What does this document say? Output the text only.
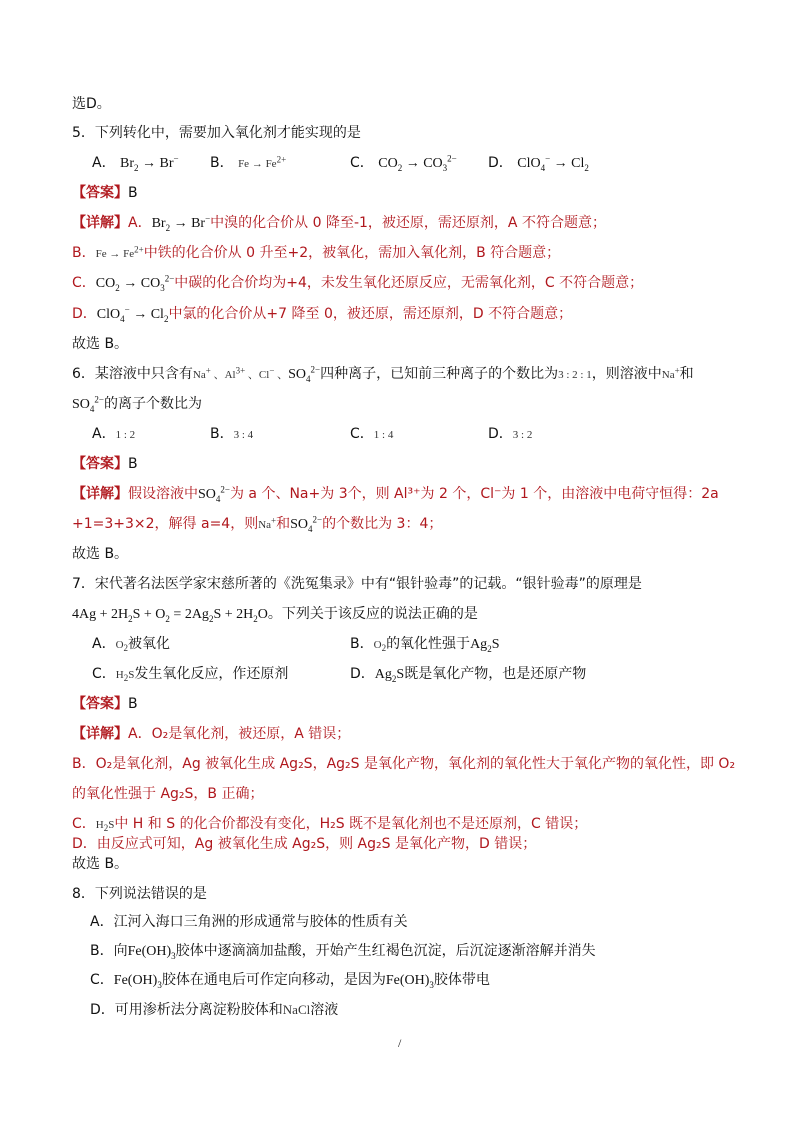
选D。
5．下列转化中，需要加入氧化剂才能实现的是
A． $Br_2 \to Br^-$ B． $Fe \to Fe^{2+}$	C． $CO_2 \to CO_3^{2-}$ D． $ClO_4^- \to Cl_2$
【答案】B
【详解】A．$Br_2 \to Br^-$中溴的化合价从 0 降至-1，被还原，需还原剂，A 不符合题意；
B．$Fe \to Fe^{2+}$中铁的化合价从 0 升至+2，被氧化，需加入氧化剂，B 符合题意；
C．$CO_2 \to CO_3^{2-}$中碳的化合价均为+4，未发生氧化还原反应，无需氧化剂，C 不符合题意；
D．$ClO_4^- \to Cl_2$中氯的化合价从+7 降至 0，被还原，需还原剂，D 不符合题意；
故选 B。
6．某溶液中只含有Na+ 、$Al^{3+}$ 、Cl− 、$SO_4^{2-}$四种离子，已知前三种离子的个数比为3 : 2 : 1，则溶液中Na+和
$SO_4^{2-}$的离子个数比为
A．1 : 2	B．3 : 4	C．1 : 4	D．3 : 2
【答案】B
【详解】假设溶液中$SO_4^{2-}$为 a 个、Na+为 3个，则 Al³⁺为 2 个，Cl⁻为 1 个，由溶液中电荷守恒得：2a
+1=3+3×2，解得 a=4，则Na+和$SO_4^{2-}$的个数比为 3：4；
故选 B。
7．宋代著名法医学家宋慈所著的《洗冤集录》中有“银针验毒”的记载。“银针验毒”的原理是
$4Ag + 2H_2S + O_2 = 2Ag_2S + 2H_2O$。下列关于该反应的说法正确的是
A．$O_2$被氧化	B．$O_2$的氧化性强于$Ag_2S$
C．$H_2S$发生氧化反应，作还原剂	D．$Ag_2S$既是氧化产物，也是还原产物
【答案】B
【详解】A．O₂是氧化剂，被还原，A 错误；
B．O₂是氧化剂，Ag 被氧化生成 Ag₂S，Ag₂S 是氧化产物，氧化剂的氧化性大于氧化产物的氧化性，即 O₂
的氧化性强于 Ag₂S，B 正确；
C．$H_2S$中 H 和 S 的化合价都没有变化，H₂S 既不是氧化剂也不是还原剂，C 错误；
D．由反应式可知，Ag 被氧化生成 Ag₂S，则 Ag₂S 是氧化产物，D 错误；
故选 B。
8．下列说法错误的是
A．江河入海口三角洲的形成通常与胶体的性质有关
B．向$Fe(OH)_3$胶体中逐滴滴加盐酸，开始产生红褐色沉淀，后沉淀逐渐溶解并消失
C．$Fe(OH)_3$胶体在通电后可作定向移动，是因为$Fe(OH)_3$胶体带电
D．可用渗析法分离淀粉胶体和NaCl溶液
/
